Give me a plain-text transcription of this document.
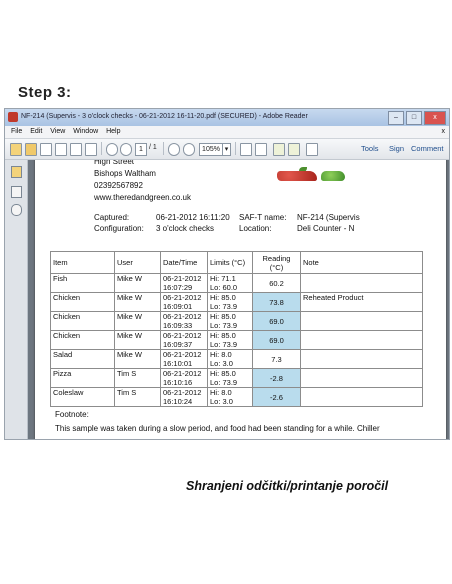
Step 3:
NF-214 (Supervis - 3 o'clock checks - 06-21-2012 16-11-20.pdf (SECURED) - Adobe Reader	–	□	x
File Edit View Window Help	x
1 / 1	105% ▾	Tools Sign Comment
High Street
Bishops Waltham
02392567892
www.theredandgreen.co.uk
Captured:	06-21-2012 16:11:20 SAF-T name: NF-214 (Supervis
Configuration: 3 o'clock checks	Location:	Deli Counter - N
Item	User	Date/Time	Limits (°C)	Reading (°C)	Note
Fish	Mike W	06-21-2012
16:07:29	Hi: 71.1
Lo: 60.0	60.2	
Chicken	Mike W	06-21-2012
16:09:01	Hi: 85.0
Lo: 73.9	73.8	Reheated Product
Chicken	Mike W	06-21-2012
16:09:33	Hi: 85.0
Lo: 73.9	69.0	
Chicken	Mike W	06-21-2012
16:09:37	Hi: 85.0
Lo: 73.9	69.0	
Salad	Mike W	06-21-2012
16:10:01	Hi: 8.0
Lo: 3.0	7.3	
Pizza	Tim S	06-21-2012
16:10:16	Hi: 85.0
Lo: 73.9	-2.8	
Coleslaw	Tim S	06-21-2012
16:10:24	Hi: 8.0
Lo: 3.0	-2.6	
Footnote:
This sample was taken during a slow period, and food had been standing for a while. Chiller
Shranjeni odčitki/printanje poročil
